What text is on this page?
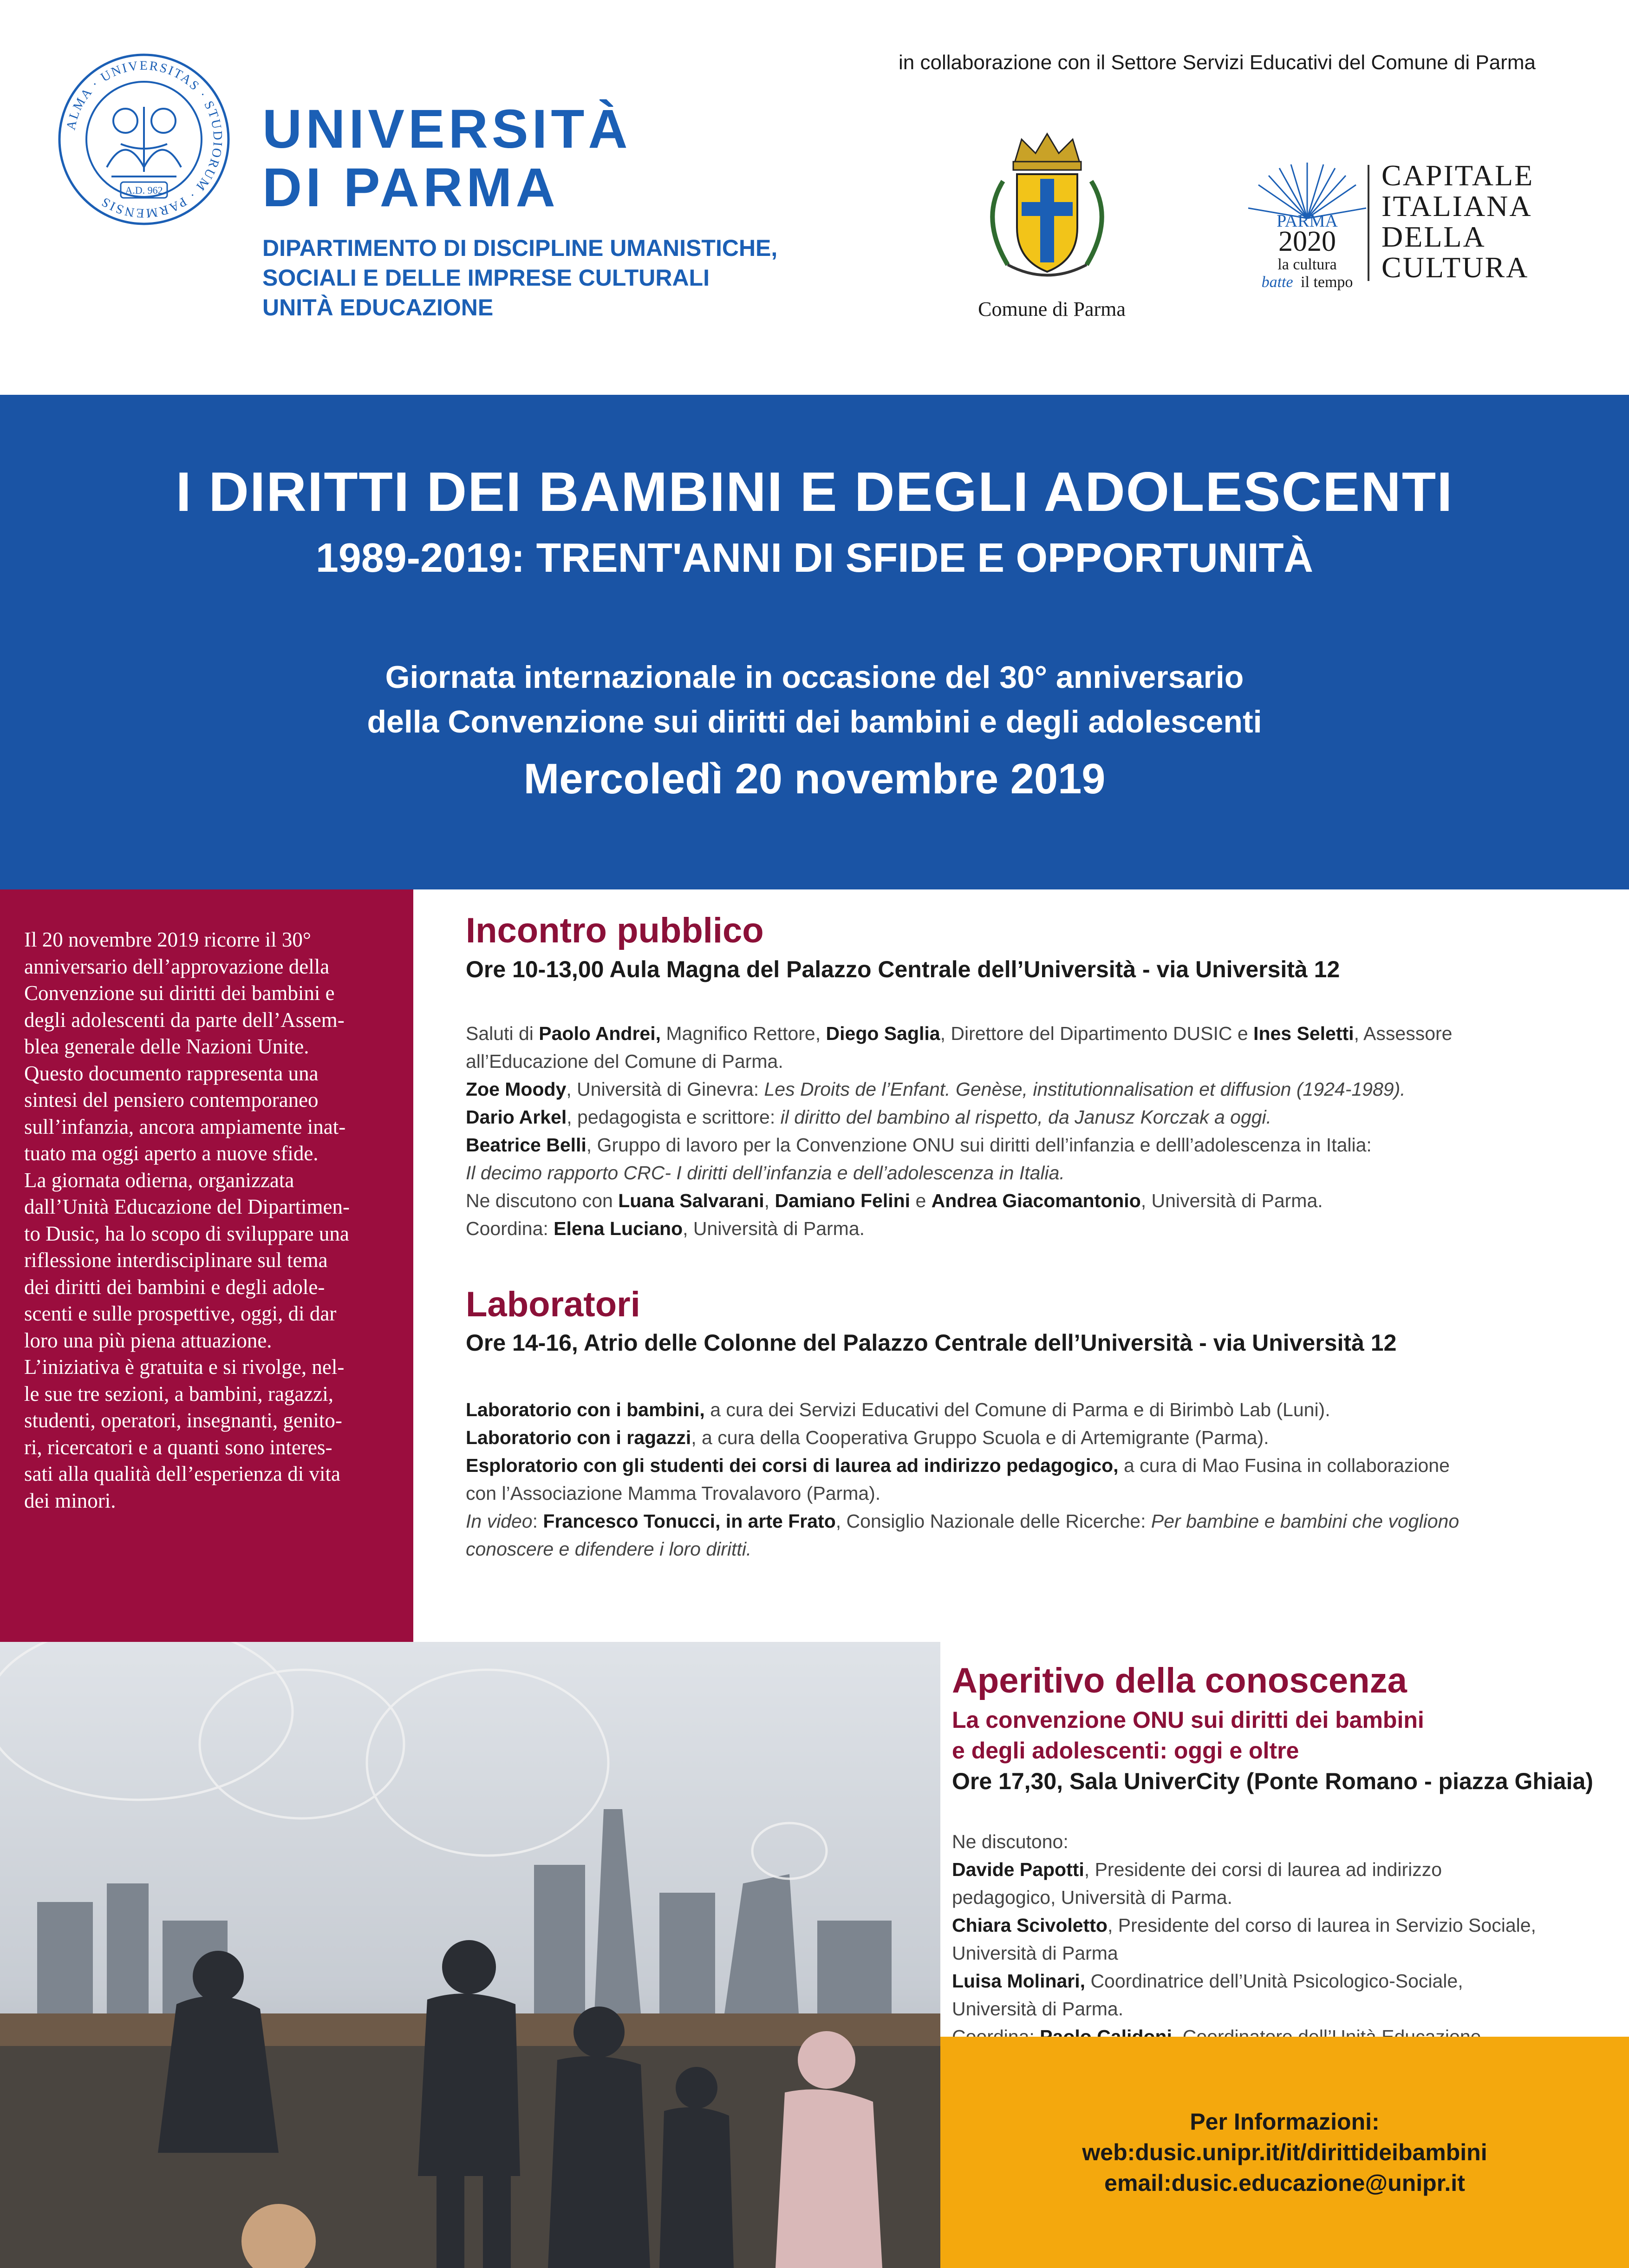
ALMA · UNIVERSITAS · STUDIORUM · PARMENSIS
A.D. 962
UNIVERSITÀ
DI PARMA
DIPARTIMENTO DI DISCIPLINE UMANISTICHE,
SOCIALI E DELLE IMPRESE CULTURALI
UNITÀ EDUCAZIONE
in collaborazione con il Settore Servizi Educativi del Comune di Parma
Comune di Parma
PARMA
2020
la cultura
batte il tempo
CAPITALE
ITALIANA
DELLA
CULTURA
I DIRITTI DEI BAMBINI E DEGLI ADOLESCENTI
1989-2019: TRENT'ANNI DI SFIDE E OPPORTUNITÀ
Giornata internazionale in occasione del 30° anniversario
della Convenzione sui diritti dei bambini e degli adolescenti
Mercoledì 20 novembre 2019
Il 20 novembre 2019 ricorre il 30°
anniversario dell’approvazione della
Convenzione sui diritti dei bambini e
degli adolescenti da parte dell’Assem-
blea generale delle Nazioni Unite.
Questo documento rappresenta una
sintesi del pensiero contemporaneo
sull’infanzia, ancora ampiamente inat-
tuato ma oggi aperto a nuove sfide.
La giornata odierna, organizzata
dall’Unità Educazione del Dipartimen-
to Dusic, ha lo scopo di sviluppare una
riflessione interdisciplinare sul tema
dei diritti dei bambini e degli adole-
scenti e sulle prospettive, oggi, di dar
loro una più piena attuazione.
L’iniziativa è gratuita e si rivolge, nel-
le sue tre sezioni, a bambini, ragazzi,
studenti, operatori, insegnanti, genito-
ri, ricercatori e a quanti sono interes-
sati alla qualità dell’esperienza di vita
dei minori.
Incontro pubblico
Ore 10-13,00 Aula Magna del Palazzo Centrale dell’Università - via Università 12
Saluti di Paolo Andrei, Magnifico Rettore, Diego Saglia, Direttore del Dipartimento DUSIC e Ines Seletti, Assessore
all’Educazione del Comune di Parma.
Zoe Moody, Università di Ginevra: Les Droits de l’Enfant. Genèse, institutionnalisation et diffusion (1924-1989).
Dario Arkel, pedagogista e scrittore: il diritto del bambino al rispetto, da Janusz Korczak a oggi.
Beatrice Belli, Gruppo di lavoro per la Convenzione ONU sui diritti dell’infanzia e delll’adolescenza in Italia:
Il decimo rapporto CRC- I diritti dell’infanzia e dell’adolescenza in Italia.
Ne discutono con Luana Salvarani, Damiano Felini e Andrea Giacomantonio, Università di Parma.
Coordina: Elena Luciano, Università di Parma.
Laboratori
Ore 14-16, Atrio delle Colonne del Palazzo Centrale dell’Università - via Università 12
Laboratorio con i bambini, a cura dei Servizi Educativi del Comune di Parma e di Birimbò Lab (Luni).
Laboratorio con i ragazzi, a cura della Cooperativa Gruppo Scuola e di Artemigrante (Parma).
Esploratorio con gli studenti dei corsi di laurea ad indirizzo pedagogico, a cura di Mao Fusina in collaborazione
con l’Associazione Mamma Trovalavoro (Parma).
In video: Francesco Tonucci, in arte Frato, Consiglio Nazionale delle Ricerche: Per bambine e bambini che vogliono
conoscere e difendere i loro diritti.
Aperitivo della conoscenza
La convenzione ONU sui diritti dei bambini
e degli adolescenti: oggi e oltre
Ore 17,30, Sala UniverCity (Ponte Romano - piazza Ghiaia)
Ne discutono:
Davide Papotti, Presidente dei corsi di laurea ad indirizzo
pedagogico, Università di Parma.
Chiara Scivoletto, Presidente del corso di laurea in Servizio Sociale,
Università di Parma
Luisa Molinari, Coordinatrice dell’Unità Psicologico-Sociale,
Università di Parma.
Per Informazioni:
web:dusic.unipr.it/it/dirittideibambini
email:dusic.educazione@unipr.it
